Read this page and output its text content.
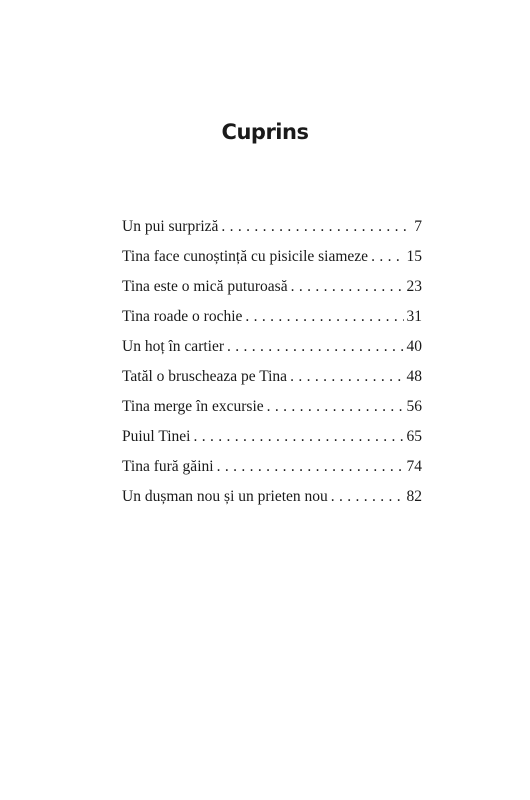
Cuprins
Un pui surpriză . . .	7
Tina face cunoștință cu pisicile siameze . . . 15
Tina este o mică puturoasă . . .	23
Tina roade o rochie . . .	31
Un hoț în cartier . . .	40
Tatăl o bruscheaza pe Tina . . .	48
Tina merge în excursie . . .	56
Puiul Tinei . . .	65
Tina fură găini . . .	74
Un dușman nou și un prieten nou . . .	82
